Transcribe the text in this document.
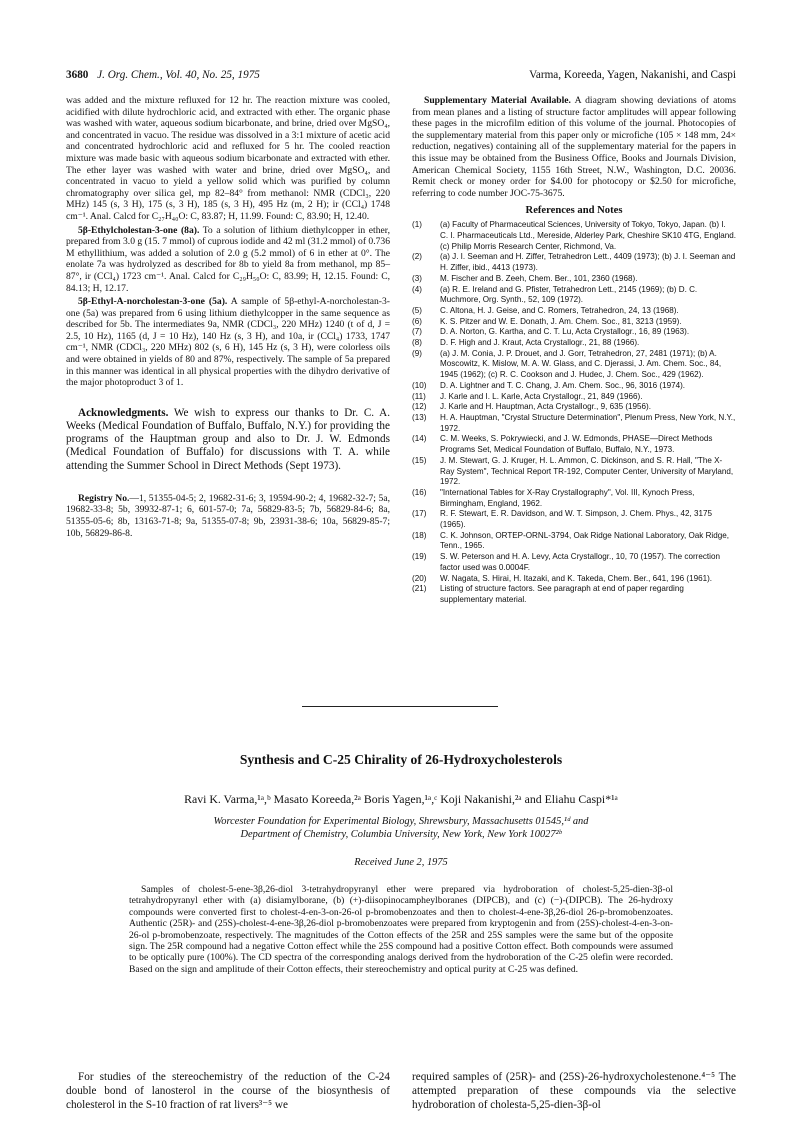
3680 J. Org. Chem., Vol. 40, No. 25, 1975	Varma, Koreeda, Yagen, Nakanishi, and Caspi

was added and the mixture refluxed for 12 hr. The reaction mixture was cooled, acidified with dilute hydrochloric acid, and extracted with ether. The organic phase was washed with water, aqueous sodium bicarbonate, and brine, dried over MgSO₄, and concentrated in vacuo. The residue was dissolved in a 3:1 mixture of acetic acid and concentrated hydrochloric acid and refluxed for 5 hr. The cooled reaction mixture was made basic with aqueous sodium bicarbonate and extracted with ether. The ether layer was washed with water and brine, dried over MgSO₄, and concentrated in vacuo to yield a yellow solid which was purified by column chromatography over silica gel, mp 82–84° from methanol: NMR (CDCl₃, 220 MHz) 145 (s, 3 H), 175 (s, 3 H), 185 (s, 3 H), 495 Hz (m, 2 H); ir (CCl₄) 1748 cm⁻¹. Anal. Calcd for C₂₇H₄₀O: C, 83.87; H, 11.99. Found: C, 83.90; H, 12.40.

5β-Ethylcholestan-3-one (8a). To a solution of lithium diethylcopper in ether, prepared from 3.0 g (15. 7 mmol) of cuprous iodide and 42 ml (31.2 mmol) of 0.736 M ethyllithium, was added a solution of 2.0 g (5.2 mmol) of 6 in ether at 0°. The enolate 7a was hydrolyzed as described for 8b to yield 8a from methanol, mp 85–87°, ir (CCl₄) 1723 cm⁻¹. Anal. Calcd for C₂₉H₅₀O: C, 83.99; H, 12.15. Found: C, 84.13; H, 12.17.

5β-Ethyl-A-norcholestan-3-one (5a). A sample of 5β-ethyl-A-norcholestan-3-one (5a) was prepared from 6 using lithium diethylcopper in the same sequence as described for 5b. The intermediates 9a, NMR (CDCl₃, 220 MHz) 1240 (t of d, J = 2.5, 10 Hz), 1165 (d, J = 10 Hz), 140 Hz (s, 3 H), and 10a, ir (CCl₄) 1733, 1747 cm⁻¹, NMR (CDCl₃, 220 MHz) 802 (s, 6 H), 145 Hz (s, 3 H), were colorless oils and were obtained in yields of 80 and 87%, respectively. The sample of 5a prepared in this manner was identical in all physical properties with the dihydro derivative of the major photoproduct 3 of 1.

Acknowledgments. We wish to express our thanks to Dr. C. A. Weeks (Medical Foundation of Buffalo, Buffalo, N.Y.) for providing the programs of the Hauptman group and also to Dr. J. W. Edmonds (Medical Foundation of Buffalo) for discussions with T. A. while attending the Summer School in Direct Methods (Sept 1973).

Registry No.—1, 51355-04-5; 2, 19682-31-6; 3, 19594-90-2; 4, 19682-32-7; 5a, 19682-33-8; 5b, 39932-87-1; 6, 601-57-0; 7a, 56829-83-5; 7b, 56829-84-6; 8a, 51355-05-6; 8b, 13163-71-8; 9a, 51355-07-8; 9b, 23931-38-6; 10a, 56829-85-7; 10b, 56829-86-8.

Supplementary Material Available. A diagram showing deviations of atoms from mean planes and a listing of structure factor amplitudes will appear following these pages in the microfilm edition of this volume of the journal. Photocopies of the supplementary material from this paper only or microfiche (105 × 148 mm, 24× reduction, negatives) containing all of the supplementary material for the papers in this issue may be obtained from the Business Office, Books and Journals Division, American Chemical Society, 1155 16th Street, N.W., Washington, D.C. 20036. Remit check or money order for $4.00 for photocopy or $2.50 for microfiche, referring to code number JOC-75-3675.

References and Notes

(1) (a) Faculty of Pharmaceutical Sciences, University of Tokyo, Tokyo, Japan. (b) I. C. I. Pharmaceuticals Ltd., Mereside, Alderley Park, Cheshire SK10 4TG, England. (c) Philip Morris Research Center, Richmond, Va.
(2) (a) J. I. Seeman and H. Ziffer, Tetrahedron Lett., 4409 (1973); (b) J. I. Seeman and H. Ziffer, ibid., 4413 (1973).
(3) M. Fischer and B. Zeeh, Chem. Ber., 101, 2360 (1968).
(4) (a) R. E. Ireland and G. Pfister, Tetrahedron Lett., 2145 (1969); (b) D. C. Muchmore, Org. Synth., 52, 109 (1972).
(5) C. Altona, H. J. Geise, and C. Romers, Tetrahedron, 24, 13 (1968).
(6) K. S. Pitzer and W. E. Donath, J. Am. Chem. Soc., 81, 3213 (1959).
(7) D. A. Norton, G. Kartha, and C. T. Lu, Acta Crystallogr., 16, 89 (1963).
(8) D. F. High and J. Kraut, Acta Crystallogr., 21, 88 (1966).
(9) (a) J. M. Conia, J. P. Drouet, and J. Gorr, Tetrahedron, 27, 2481 (1971); (b) A. Moscowitz, K. Mislow, M. A. W. Glass, and C. Djerassi, J. Am. Chem. Soc., 84, 1945 (1962); (c) R. C. Cookson and J. Hudec, J. Chem. Soc., 429 (1962).
(10) D. A. Lightner and T. C. Chang, J. Am. Chem. Soc., 96, 3016 (1974).
(11) J. Karle and I. L. Karle, Acta Crystallogr., 21, 849 (1966).
(12) J. Karle and H. Hauptman, Acta Crystallogr., 9, 635 (1956).
(13) H. A. Hauptman, "Crystal Structure Determination", Plenum Press, New York, N.Y., 1972.
(14) C. M. Weeks, S. Pokrywiecki, and J. W. Edmonds, PHASE—Direct Methods Programs Set, Medical Foundation of Buffalo, Buffalo, N.Y., 1973.
(15) J. M. Stewart, G. J. Kruger, H. L. Ammon, C. Dickinson, and S. R. Hall, "The X-Ray System", Technical Report TR-192, Computer Center, University of Maryland, 1972.
(16) "International Tables for X-Ray Crystallography", Vol. III, Kynoch Press, Birmingham, England, 1962.
(17) R. F. Stewart, E. R. Davidson, and W. T. Simpson, J. Chem. Phys., 42, 3175 (1965).
(18) C. K. Johnson, ORTEP-ORNL-3794, Oak Ridge National Laboratory, Oak Ridge, Tenn., 1965.
(19) S. W. Peterson and H. A. Levy, Acta Crystallogr., 10, 70 (1957). The correction factor used was 0.0004F.
(20) W. Nagata, S. Hirai, H. Itazaki, and K. Takeda, Chem. Ber., 641, 196 (1961).
(21) Listing of structure factors. See paragraph at end of paper regarding supplementary material.
Synthesis and C-25 Chirality of 26-Hydroxycholesterols
Ravi K. Varma,¹ᵃ,ᵇ Masato Koreeda,²ᵃ Boris Yagen,¹ᵃ,ᶜ Koji Nakanishi,²ᵃ and Eliahu Caspi*¹ᵃ
Worcester Foundation for Experimental Biology, Shrewsbury, Massachusetts 01545,¹ᵈ and
Department of Chemistry, Columbia University, New York, New York 10027²ᵇ
Received June 2, 1975

Samples of cholest-5-ene-3β,26-diol 3-tetrahydropyranyl ether were prepared via hydroboration of cholest-5,25-dien-3β-ol tetrahydropyranyl ether with (a) disiamylborane, (b) (+)-diisopinocampheylboranes (DIPCB), and (c) (−)-(DIPCB). The 26-hydroxy compounds were converted first to cholest-4-en-3-on-26-ol p-bromobenzoates and then to cholest-4-ene-3β,26-diol 26-p-bromobenzoates. Authentic (25R)- and (25S)-cholest-4-ene-3β,26-diol p-bromobenzoates were prepared from kryptogenin and from (25S)-cholest-4-en-3-on-26-ol p-bromobenzoate, respectively. The magnitudes of the Cotton effects of the 25R and 25S samples were the same but of the opposite sign. The 25R compound had a negative Cotton effect while the 25S compound had a positive Cotton effect. Both compounds were assumed to be optically pure (100%). The CD spectra of the corresponding analogs derived from the hydroboration of the C-25 olefin were recorded. Based on the sign and amplitude of their Cotton effects, their stereochemistry and optical purity at C-25 was defined.

For studies of the stereochemistry of the reduction of the C-24 double bond of lanosterol in the course of the biosynthesis of cholesterol in the S-10 fraction of rat livers³⁻⁵ we

required samples of (25R)- and (25S)-26-hydroxycholestenone.⁴⁻⁵ The attempted preparation of these compounds via the selective hydroboration of cholesta-5,25-dien-3β-ol
